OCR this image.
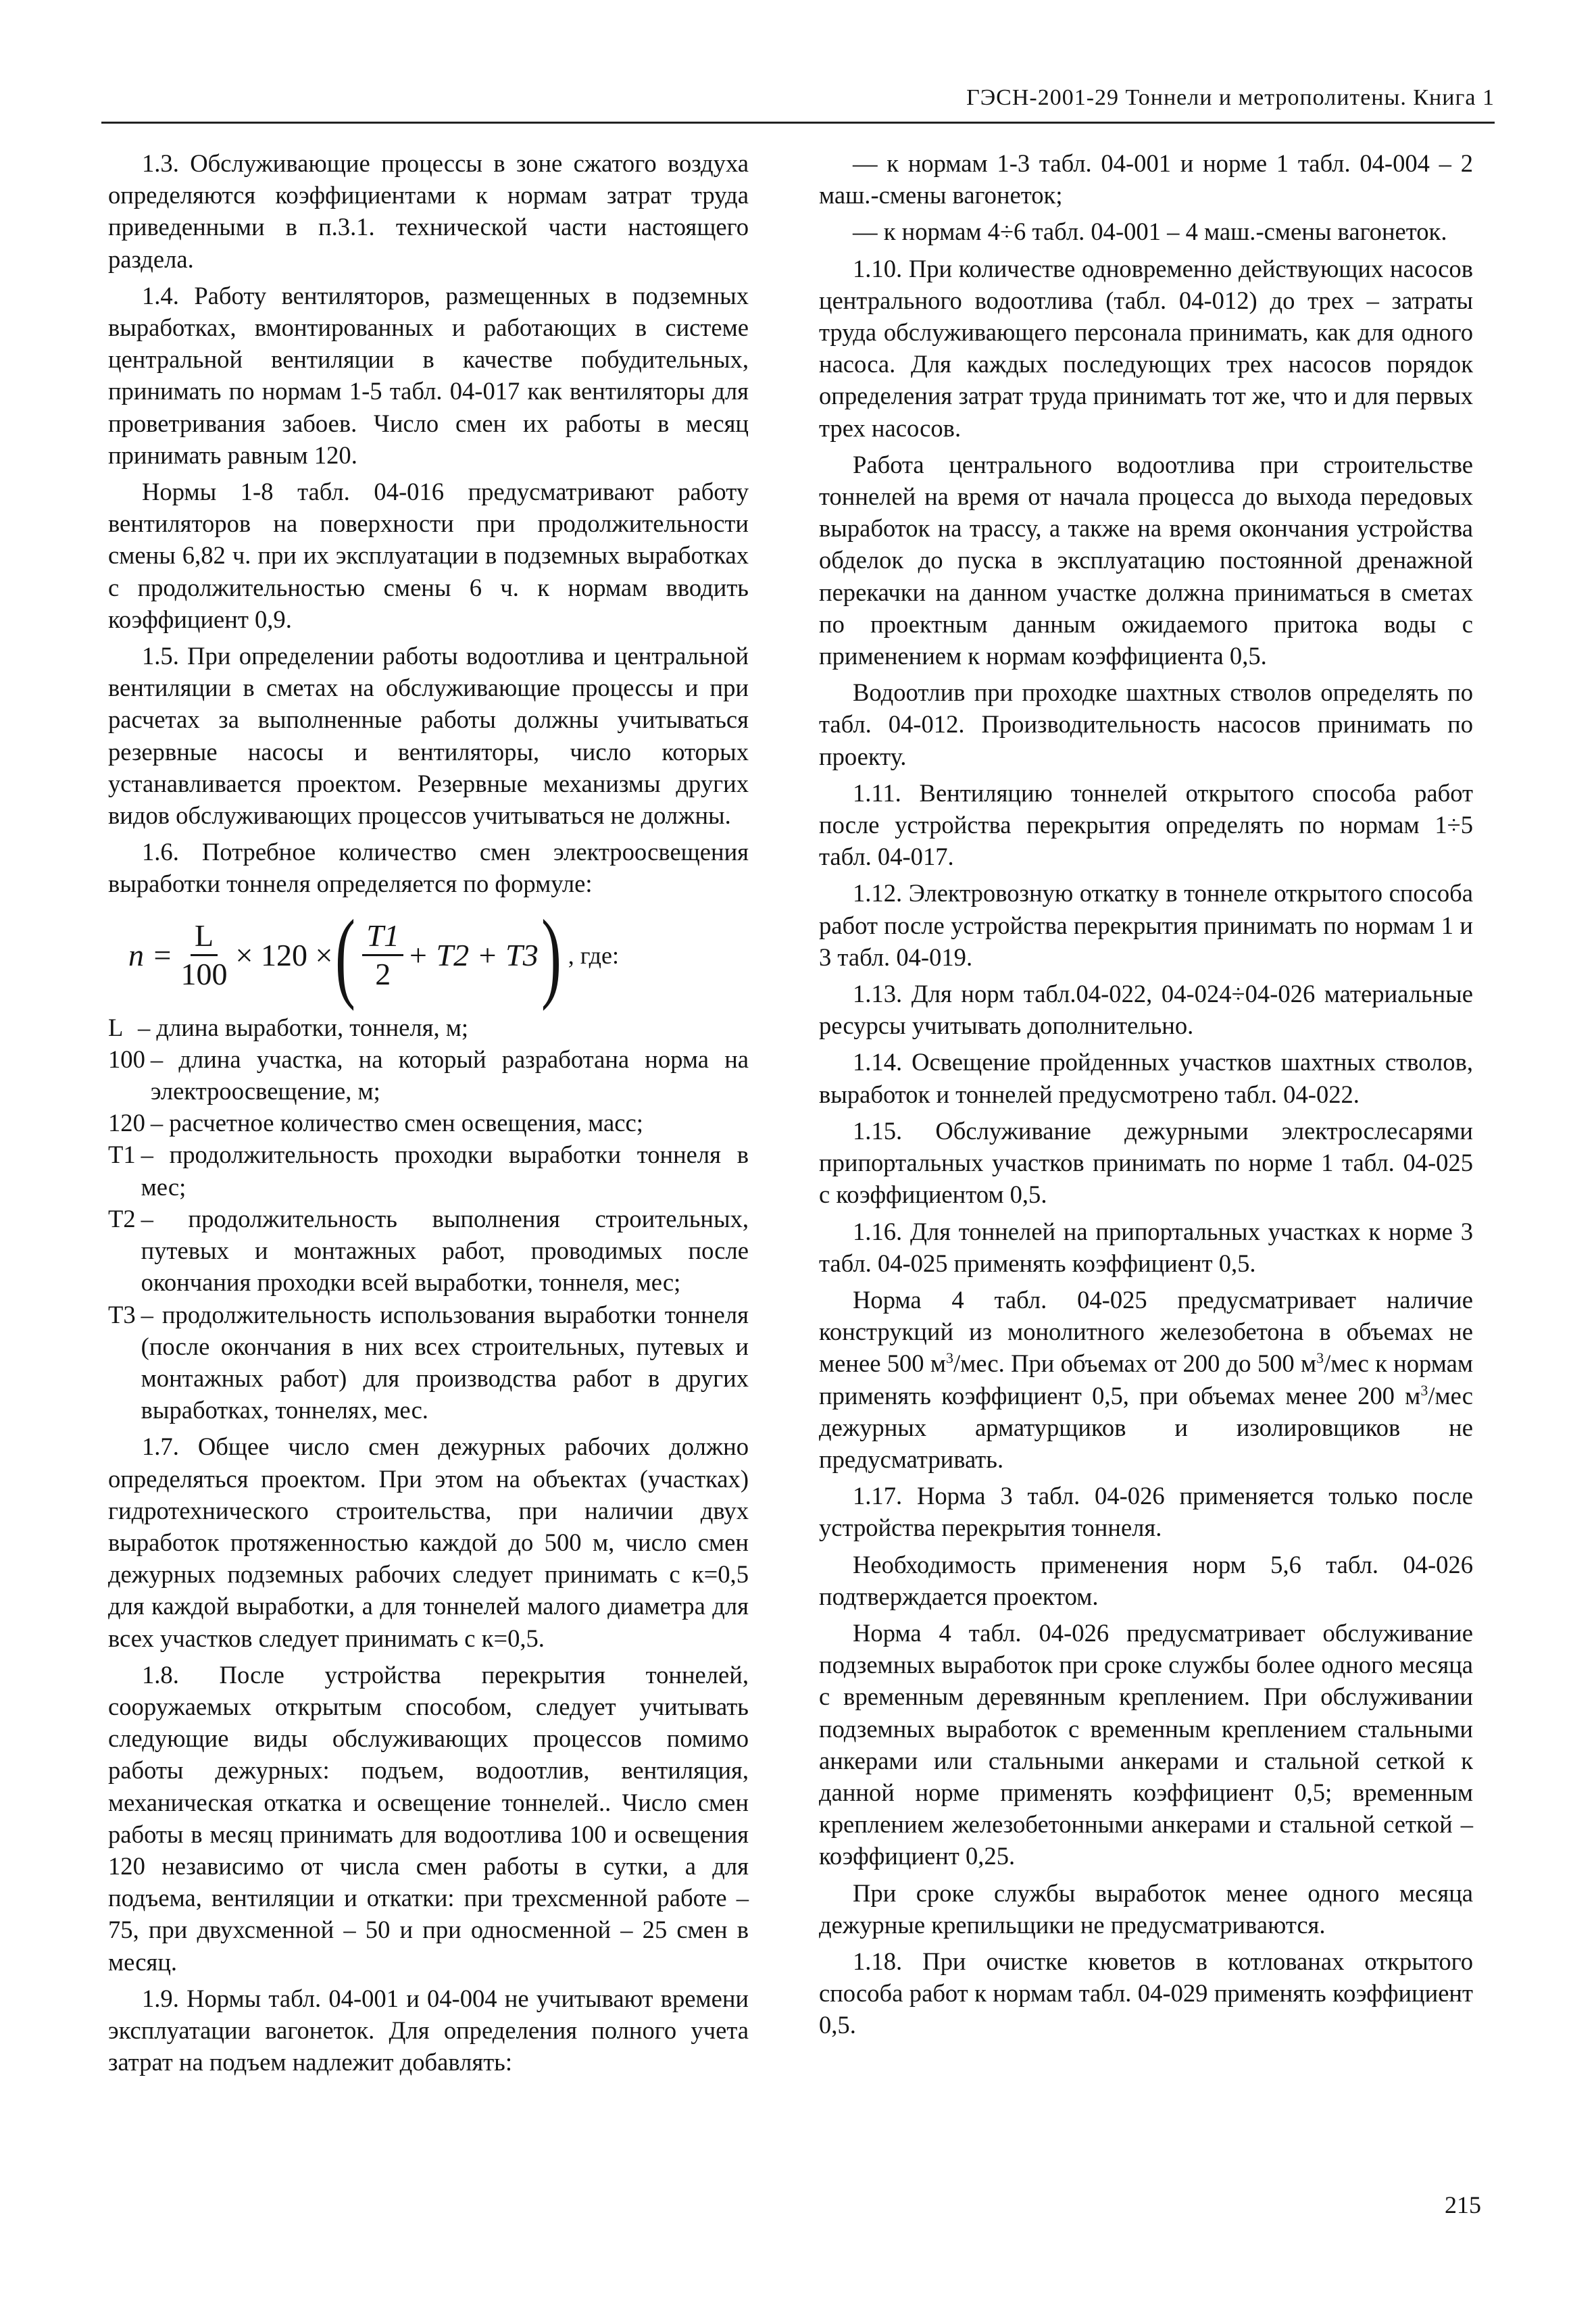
ГЭСН-2001-29 Тоннели и метрополитены. Книга 1

1.3. Обслуживающие процессы в зоне сжатого воздуха определяются коэффициентами к нормам затрат труда приведенными в п.3.1. технической части настоящего раздела.

1.4. Работу вентиляторов, размещенных в подземных выработках, вмонтированных и работающих в системе центральной вентиляции в качестве побудительных, принимать по нормам 1-5 табл. 04-017 как вентиляторы для проветривания забоев. Число смен их работы в месяц принимать равным 120.

Нормы 1-8 табл. 04-016 предусматривают работу вентиляторов на поверхности при продолжительности смены 6,82 ч. при их эксплуатации в подземных выработках с продолжительностью смены 6 ч. к нормам вводить коэффициент 0,9.

1.5. При определении работы водоотлива и центральной вентиляции в сметах на обслуживающие процессы и при расчетах за выполненные работы должны учитываться резервные насосы и вентиляторы, число которых устанавливается проектом. Резервные механизмы других видов обслуживающих процессов учитываться не должны.

1.6. Потребное количество смен электроосвещения выработки тоннеля определяется по формуле:

$n = \frac{L}{100} \times 120$ × ( $\frac{T1}{2} + T2 + T3$ ) , где:
L – длина выработки, тоннеля, м;
100 – длина участка, на который разработана норма на электроосвещение, м;
120 – расчетное количество смен освещения, масс;
Т1 – продолжительность проходки выработки тоннеля в мес;
Т2 – продолжительность выполнения строительных, путевых и монтажных работ, проводимых после окончания проходки всей выработки, тоннеля, мес;
Т3 – продолжительность использования выработки тоннеля (после окончания в них всех строительных, путевых и монтажных работ) для производства работ в других выработках, тоннелях, мес.

1.7. Общее число смен дежурных рабочих должно определяться проектом. При этом на объектах (участках) гидротехнического строительства, при наличии двух выработок протяженностью каждой до 500 м, число смен дежурных подземных рабочих следует принимать с к=0,5 для каждой выработки, а для тоннелей малого диаметра для всех участков следует принимать с к=0,5.

1.8. После устройства перекрытия тоннелей, сооружаемых открытым способом, следует учитывать следующие виды обслуживающих процессов помимо работы дежурных: подъем, водоотлив, вентиляция, механическая откатка и освещение тоннелей.. Число смен работы в месяц принимать для водоотлива 100 и освещения 120 независимо от числа смен работы в сутки, а для подъема, вентиляции и откатки: при трехсменной работе – 75, при двухсменной – 50 и при односменной – 25 смен в месяц.

1.9. Нормы табл. 04-001 и 04-004 не учитывают времени эксплуатации вагонеток. Для определения полного учета затрат на подъем надлежит добавлять:

— к нормам 1-3 табл. 04-001 и норме 1 табл. 04-004 – 2 маш.-смены вагонеток;

— к нормам 4÷6 табл. 04-001 – 4 маш.-смены вагонеток.

1.10. При количестве одновременно действующих насосов центрального водоотлива (табл. 04-012) до трех – затраты труда обслуживающего персонала принимать, как для одного насоса. Для каждых последующих трех насосов порядок определения затрат труда принимать тот же, что и для первых трех насосов.

Работа центрального водоотлива при строительстве тоннелей на время от начала процесса до выхода передовых выработок на трассу, а также на время окончания устройства обделок до пуска в эксплуатацию постоянной дренажной перекачки на данном участке должна приниматься в сметах по проектным данным ожидаемого притока воды с применением к нормам коэффициента 0,5.

Водоотлив при проходке шахтных стволов определять по табл. 04-012. Производительность насосов принимать по проекту.

1.11. Вентиляцию тоннелей открытого способа работ после устройства перекрытия определять по нормам 1÷5 табл. 04-017.

1.12. Электровозную откатку в тоннеле открытого способа работ после устройства перекрытия принимать по нормам 1 и 3 табл. 04-019.

1.13. Для норм табл.04-022, 04-024÷04-026 материальные ресурсы учитывать дополнительно.

1.14. Освещение пройденных участков шахтных стволов, выработок и тоннелей предусмотрено табл. 04-022.

1.15. Обслуживание дежурными электрослесарями припортальных участков принимать по норме 1 табл. 04-025 с коэффициентом 0,5.

1.16. Для тоннелей на припортальных участках к норме 3 табл. 04-025 применять коэффициент 0,5.

Норма 4 табл. 04-025 предусматривает наличие конструкций из монолитного железобетона в объемах не менее 500 $м^3$/мес. При объемах от 200 до 500 $м^3$/мес к нормам применять коэффициент 0,5, при объемах менее 200 $м^3$/мес дежурных арматурщиков и изолировщиков не предусматривать.

1.17. Норма 3 табл. 04-026 применяется только после устройства перекрытия тоннеля.

Необходимость применения норм 5,6 табл. 04-026 подтверждается проектом.

Норма 4 табл. 04-026 предусматривает обслуживание подземных выработок при сроке службы более одного месяца с временным деревянным креплением. При обслуживании подземных выработок с временным креплением стальными анкерами или стальными анкерами и стальной сеткой к данной норме применять коэффициент 0,5; временным креплением железобетонными анкерами и стальной сеткой – коэффициент 0,25.

При сроке службы выработок менее одного месяца дежурные крепильщики не предусматриваются.

1.18. При очистке кюветов в котлованах открытого способа работ к нормам табл. 04-029 применять коэффициент 0,5.

215
